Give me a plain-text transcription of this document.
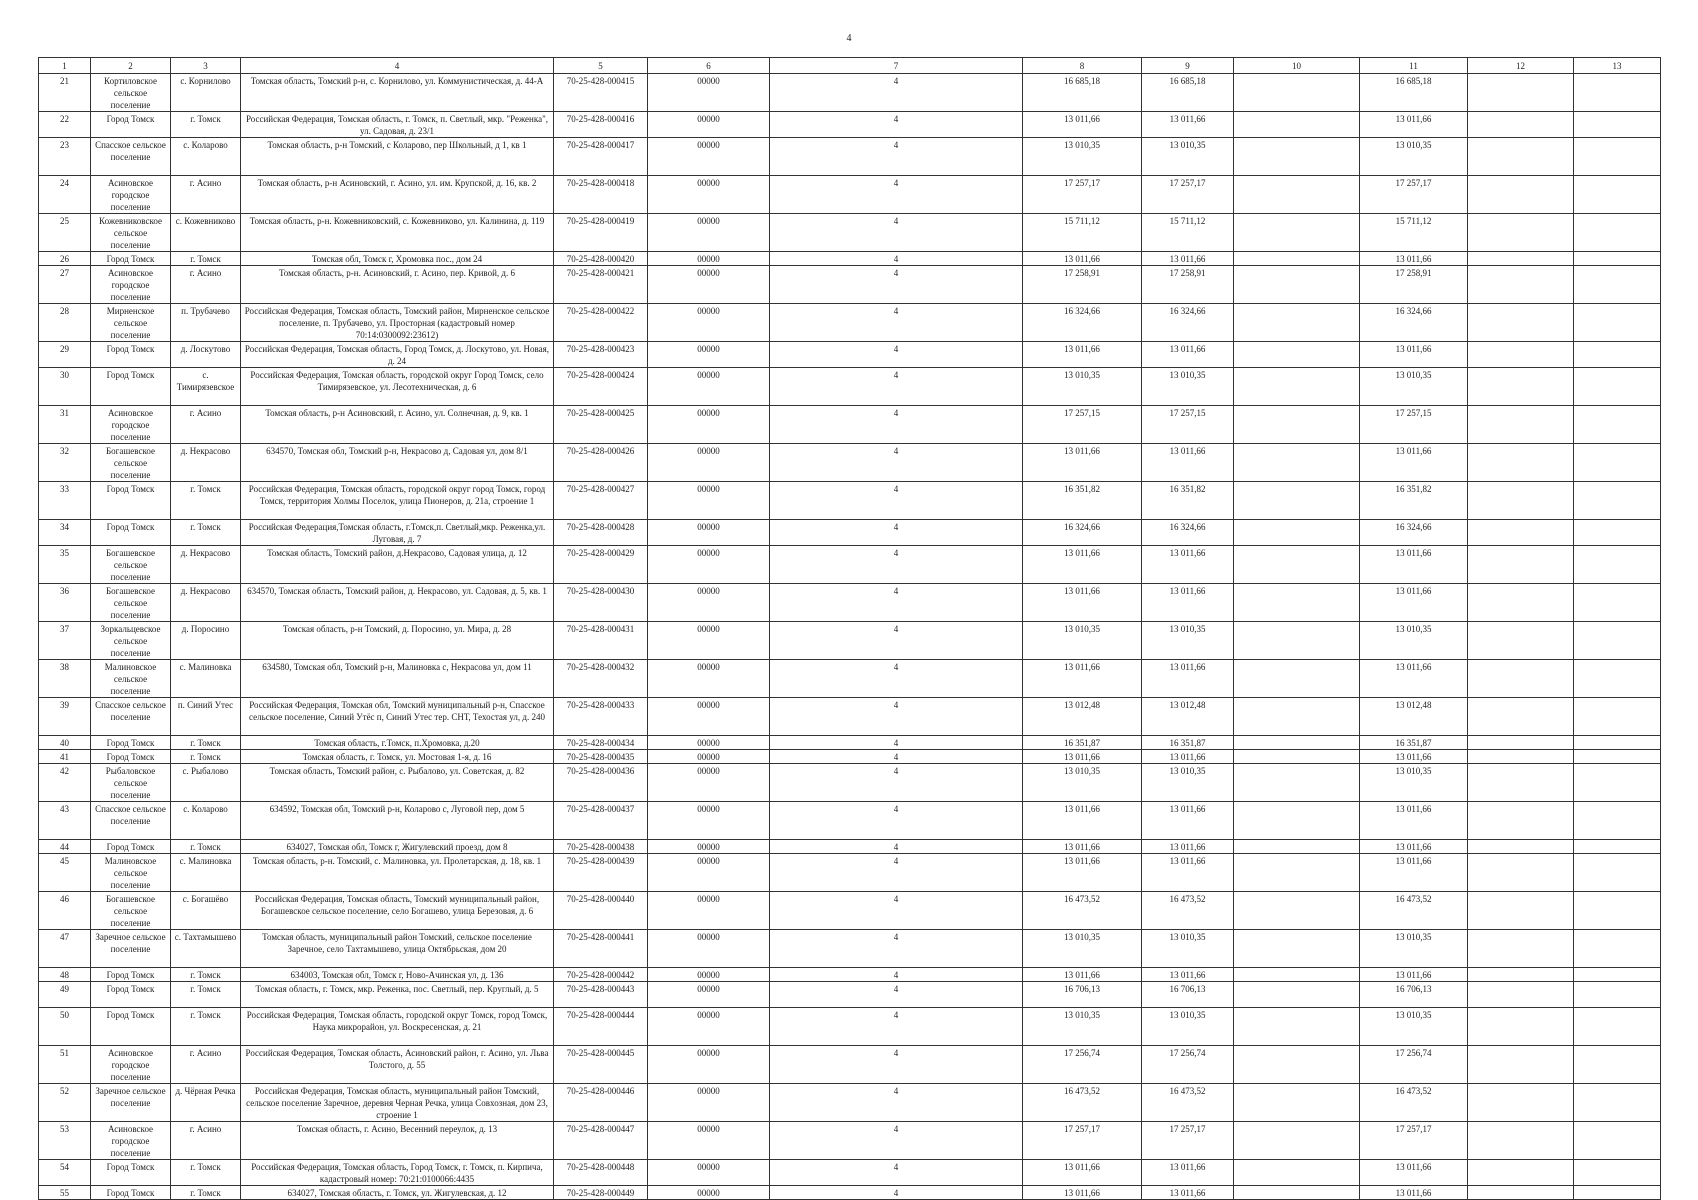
4
1	2	3	4	5	6	7	8	9	10	11	12	13
21	Кортиловское сельское поселение	с. Корнилово	Томская область, Томский р-н, с. Корнилово, ул. Коммунистическая, д. 44-А	70-25-428-000415	00000	4	16 685,18	16 685,18		16 685,18		
22	Город Томск	г. Томск	Российская Федерация, Томская область, г. Томск, п. Светлый, мкр. "Реженка", ул. Садовая, д. 23/1	70-25-428-000416	00000	4	13 011,66	13 011,66		13 011,66		
23	Спасское сельское поселение	с. Коларово	Томская область, р-н Томский, с Коларово, пер Школьный, д 1, кв 1	70-25-428-000417	00000	4	13 010,35	13 010,35		13 010,35		
24	Асиновское городское поселение	г. Асино	Томская область, р-н Асиновский, г. Асино, ул. им. Крупской, д. 16, кв. 2	70-25-428-000418	00000	4	17 257,17	17 257,17		17 257,17		
25	Кожевниковское сельское поселение	с. Кожевниково	Томская область, р-н. Кожевниковский, с. Кожевниково, ул. Калинина, д. 119	70-25-428-000419	00000	4	15 711,12	15 711,12		15 711,12		
26	Город Томск	г. Томск	Томская обл, Томск г, Хромовка пос., дом 24	70-25-428-000420	00000	4	13 011,66	13 011,66		13 011,66		
27	Асиновское городское поселение	г. Асино	Томская область, р-н. Асиновский, г. Асино, пер. Кривой, д. 6	70-25-428-000421	00000	4	17 258,91	17 258,91		17 258,91		
28	Мирненское сельское поселение	п. Трубачево	Российская Федерация, Томская область, Томский район, Мирненское сельское поселение, п. Трубачево, ул. Просторная (кадастровый номер 70:14:0300092:23612)	70-25-428-000422	00000	4	16 324,66	16 324,66		16 324,66		
29	Город Томск	д. Лоскутово	Российская Федерация, Томская область, Город Томск, д. Лоскутово, ул. Новая, д. 24	70-25-428-000423	00000	4	13 011,66	13 011,66		13 011,66		
30	Город Томск	с. Тимирязевское	Российская Федерация, Томская область, городской округ Город Томск, село Тимирязевское, ул. Лесотехническая, д. 6	70-25-428-000424	00000	4	13 010,35	13 010,35		13 010,35		
31	Асиновское городское поселение	г. Асино	Томская область, р-н Асиновский, г. Асино, ул. Солнечная, д. 9, кв. 1	70-25-428-000425	00000	4	17 257,15	17 257,15		17 257,15		
32	Богашевское сельское поселение	д. Некрасово	634570, Томская обл, Томский р-н, Некрасово д, Садовая ул, дом 8/1	70-25-428-000426	00000	4	13 011,66	13 011,66		13 011,66		
33	Город Томск	г. Томск	Российская Федерация, Томская область, городской округ город Томск, город Томск, территория Холмы Поселок, улица Пионеров, д. 21а, строение 1	70-25-428-000427	00000	4	16 351,82	16 351,82		16 351,82		
34	Город Томск	г. Томск	Российская Федерация,Томская область, г.Томск,п. Светлый,мкр. Реженка,ул. Луговая, д. 7	70-25-428-000428	00000	4	16 324,66	16 324,66		16 324,66		
35	Богашевское сельское поселение	д. Некрасово	Томская область, Томский район, д.Некрасово, Садовая улица, д. 12	70-25-428-000429	00000	4	13 011,66	13 011,66		13 011,66		
36	Богашевское сельское поселение	д. Некрасово	634570, Томская область, Томский район, д. Некрасово, ул. Садовая, д. 5, кв. 1	70-25-428-000430	00000	4	13 011,66	13 011,66		13 011,66		
37	Зоркальцевское сельское поселение	д. Поросино	Томская область, р-н Томский, д. Поросино, ул. Мира, д. 28	70-25-428-000431	00000	4	13 010,35	13 010,35		13 010,35		
38	Малиновское сельское поселение	с. Малиновка	634580, Томская обл, Томский р-н, Малиновка с, Некрасова ул, дом 11	70-25-428-000432	00000	4	13 011,66	13 011,66		13 011,66		
39	Спасское сельское поселение	п. Синий Утес	Российская Федерация, Томская обл, Томский муниципальный р-н, Спасское сельское поселение, Синий Утёс п, Синий Утес тер. СНТ, Техостая ул, д. 240	70-25-428-000433	00000	4	13 012,48	13 012,48		13 012,48		
40	Город Томск	г. Томск	Томская область, г.Томск, п.Хромовка, д.20	70-25-428-000434	00000	4	16 351,87	16 351,87		16 351,87		
41	Город Томск	г. Томск	Томская область, г. Томск, ул. Мостовая 1-я, д. 16	70-25-428-000435	00000	4	13 011,66	13 011,66		13 011,66		
42	Рыбаловское сельское поселение	с. Рыбалово	Томская область, Томский район, с. Рыбалово, ул. Советская, д. 82	70-25-428-000436	00000	4	13 010,35	13 010,35		13 010,35		
43	Спасское сельское поселение	с. Коларово	634592, Томская обл, Томский р-н, Коларово с, Луговой пер, дом 5	70-25-428-000437	00000	4	13 011,66	13 011,66		13 011,66		
44	Город Томск	г. Томск	634027, Томская обл, Томск г, Жигулевский проезд, дом 8	70-25-428-000438	00000	4	13 011,66	13 011,66		13 011,66		
45	Малиновское сельское поселение	с. Малиновка	Томская область, р-н. Томский, с. Малиновка, ул. Пролетарская, д. 18, кв. 1	70-25-428-000439	00000	4	13 011,66	13 011,66		13 011,66		
46	Богашевское сельское поселение	с. Богашёво	Российская Федерация, Томская область, Томский муниципальный район, Богашевское сельское поселение, село Богашево, улица Березовая, д. 6	70-25-428-000440	00000	4	16 473,52	16 473,52		16 473,52		
47	Заречное сельское поселение	с. Тахтамышево	Томская область, муниципальный район Томский, сельское поселение Заречное, село Тахтамышево, улица Октябрьская, дом 20	70-25-428-000441	00000	4	13 010,35	13 010,35		13 010,35		
48	Город Томск	г. Томск	634003, Томская обл, Томск г, Ново-Ачинская ул, д. 136	70-25-428-000442	00000	4	13 011,66	13 011,66		13 011,66		
49	Город Томск	г. Томск	Томская область, г. Томск, мкр. Реженка, пос. Светлый, пер. Круглый, д. 5	70-25-428-000443	00000	4	16 706,13	16 706,13		16 706,13		
50	Город Томск	г. Томск	Российская Федерация, Томская область, городской округ Томск, город Томск, Наука микрорайон, ул. Воскресенская, д. 21	70-25-428-000444	00000	4	13 010,35	13 010,35		13 010,35		
51	Асиновское городское поселение	г. Асино	Российская Федерация, Томская область, Асиновский район, г. Асино, ул. Льва Толстого, д. 55	70-25-428-000445	00000	4	17 256,74	17 256,74		17 256,74		
52	Заречное сельское поселение	д. Чёрная Речка	Российская Федерация, Томская область, муниципальный район Томский, сельское поселение Заречное, деревня Черная Речка, улица Совхозная, дом 23, строение 1	70-25-428-000446	00000	4	16 473,52	16 473,52		16 473,52		
53	Асиновское городское поселение	г. Асино	Томская область, г. Асино, Весенний переулок, д. 13	70-25-428-000447	00000	4	17 257,17	17 257,17		17 257,17		
54	Город Томск	г. Томск	Российская Федерация, Томская область, Город Томск, г. Томск, п. Кирпича, кадастровый номер: 70:21:0100066:4435	70-25-428-000448	00000	4	13 011,66	13 011,66		13 011,66		
55	Город Томск	г. Томск	634027, Томская область, г. Томск, ул. Жигулевская, д. 12	70-25-428-000449	00000	4	13 011,66	13 011,66		13 011,66		
